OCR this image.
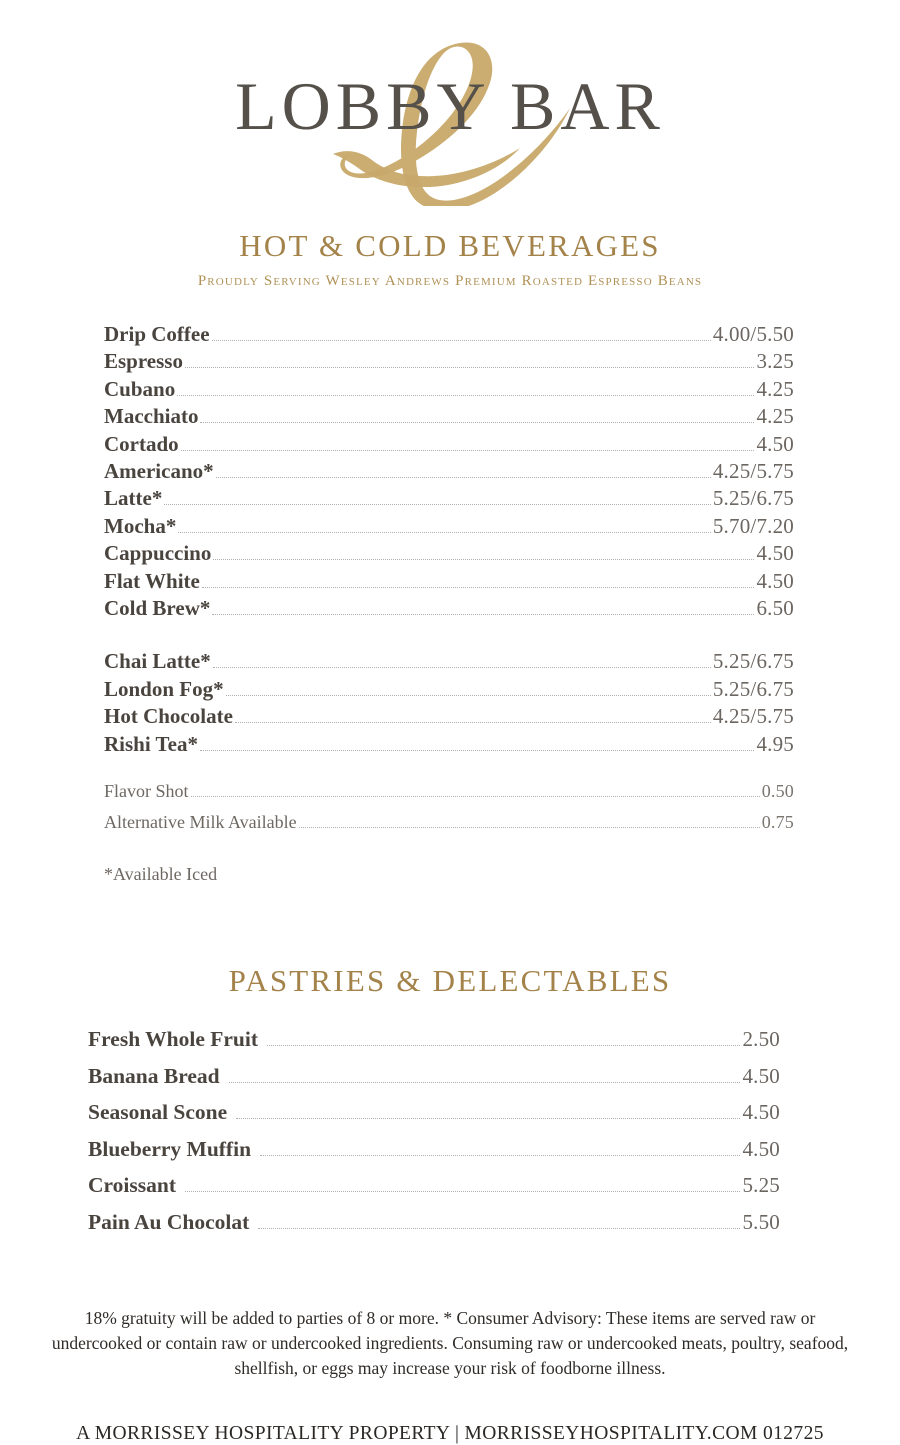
LOBBY BAR
HOT & COLD BEVERAGES
Proudly Serving Wesley Andrews Premium Roasted Espresso Beans
Drip Coffee	4.00/5.50
Espresso	3.25
Cubano	4.25
Macchiato	4.25
Cortado	4.50
Americano*	4.25/5.75
Latte*	5.25/6.75
Mocha*	5.70/7.20
Cappuccino	4.50
Flat White	4.50
Cold Brew*	6.50
Chai Latte*	5.25/6.75
London Fog*	5.25/6.75
Hot Chocolate	4.25/5.75
Rishi Tea*	4.95
Flavor Shot	0.50
Alternative Milk Available	0.75
*Available Iced
PASTRIES & DELECTABLES
Fresh Whole Fruit	2.50
Banana Bread	4.50
Seasonal Scone	4.50
Blueberry Muffin	4.50
Croissant	5.25
Pain Au Chocolat	5.50
18% gratuity will be added to parties of 8 or more. * Consumer Advisory: These items are served raw or undercooked or contain raw or undercooked ingredients. Consuming raw or undercooked meats, poultry, seafood, shellfish, or eggs may increase your risk of foodborne illness.
A MORRISSEY HOSPITALITY PROPERTY | MORRISSEYHOSPITALITY.COM 012725
